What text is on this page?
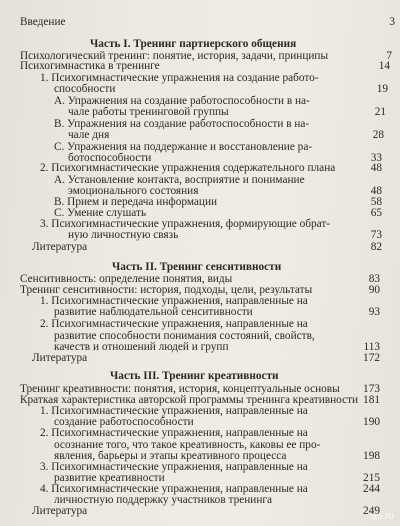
Введение	3
Часть I. Тренинг партнерского общения
Психологический тренинг: понятие, история, задачи, принципы	7
Психогимнастика в тренинге	14
1. Психогимнастические упражнения на создание работо-
способности	19
А. Упражнения на создание работоспособности в на-
чале работы тренинговой группы	21
В. Упражнения на создание работоспособности в на-
чале дня	28
С. Упражнения на поддержание и восстановление ра-
ботоспособности	33
2. Психогимнастические упражнения содержательного плана	48
А. Установление контакта, восприятие и понимание
эмоционального состояния	48
В. Прием и передача информации	58
С. Умение слушать	65
3. Психогимнастические упражнения, формирующие обрат-
ную личностную связь	73
Литература	82
Часть II. Тренинг сенситивности
Сенситивность: определение понятия, виды	83
Тренинг сенситивности: история, подходы, цели, результаты	90
1. Психогимнастические упражнения, направленные на
развитие наблюдательной сенситивности	93
2. Психогимнастические упражнения, направленные на
развитие способности понимания состояний, свойств,
качеств и отношений людей и групп	113
Литература	172
Часть III. Тренинг креативности
Тренинг креативности: понятия, история, концептуальные основы 173
Краткая характеристика авторской программы тренинга креативности 181
1. Психогимнастические упражнения, направленные на
создание работоспособности	190
2. Психогимнастические упражнения, направленные на
осознание того, что такое креативность, каковы ее про-
явления, барьеры и этапы креативного процесса	198
3. Психогимнастические упражнения, направленные на
развитие креативности	215
4. Психогимнастические упражнения, направленные на	244
личностную поддержку участников тренинга
Литература	249
au.ru
